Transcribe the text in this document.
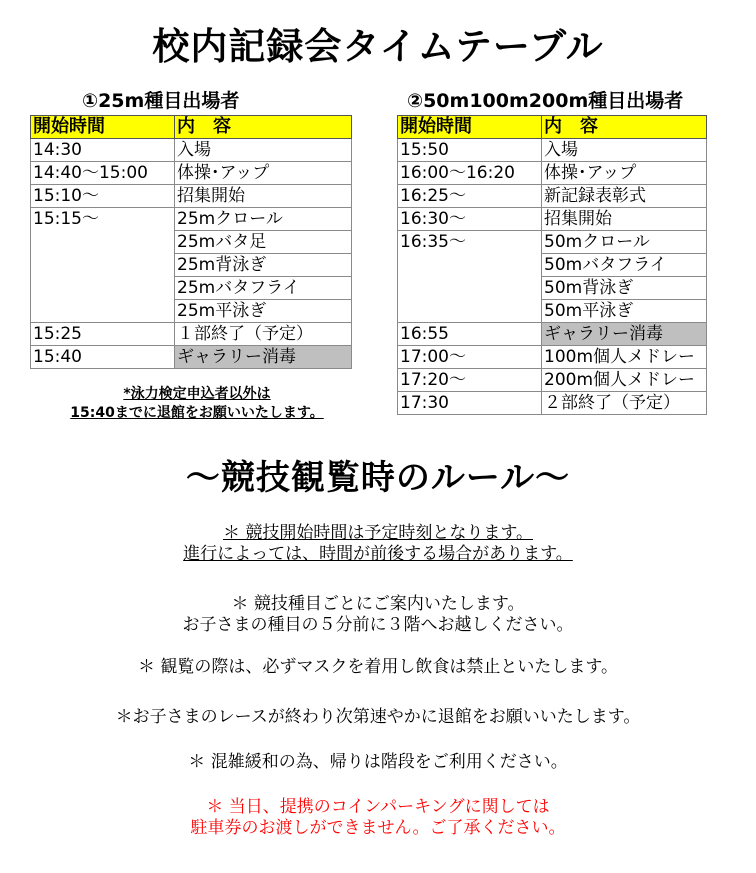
校内記録会タイムテーブル
①25m種目出場者	②50m100m200m種目出場者
開始時間	内　容
14:30	入場
14:40～15:00	体操･アップ
15:10～	招集開始
15:15～	25mクロール
	25mバタ足
	25m背泳ぎ
	25mバタフライ
	25m平泳ぎ
15:25	１部終了（予定）
15:40	ギャラリー消毒

*泳力検定申込者以外は
15:40までに退館をお願いいたします。

開始時間	内　容
15:50	入場
16:00～16:20	体操･アップ
16:25～	新記録表彰式
16:30～	招集開始
16:35～	50mクロール
	50mバタフライ
	50m背泳ぎ
	50m平泳ぎ
16:55	ギャラリー消毒
17:00～	100m個人メドレー
17:20～	200m個人メドレー
17:30	２部終了（予定）
～競技観覧時のルール～

＊ 競技開始時間は予定時刻となります。
進行によっては、時間が前後する場合があります。

＊ 競技種目ごとにご案内いたします。
お子さまの種目の５分前に３階へお越しください。

＊ 観覧の際は、必ずマスクを着用し飲食は禁止といたします。

＊お子さまのレースが終わり次第速やかに退館をお願いいたします。

＊ 混雑緩和の為、帰りは階段をご利用ください。

＊ 当日、提携のコインパーキングに関しては
駐車券のお渡しができません。ご了承ください。
